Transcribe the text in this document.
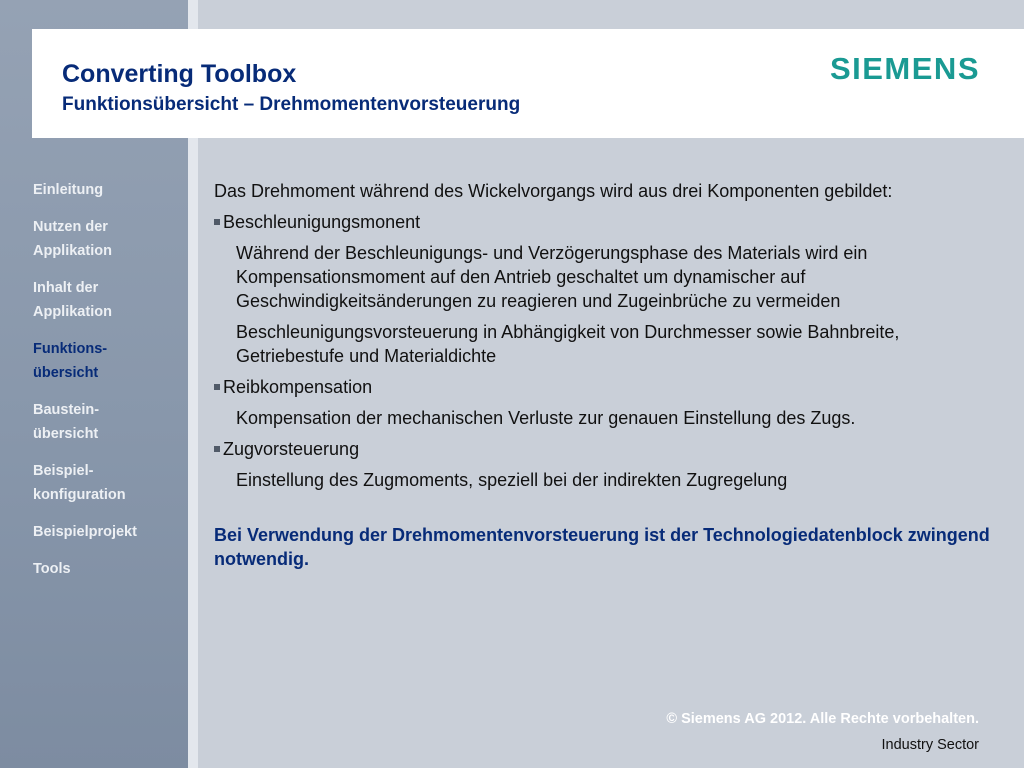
Converting Toolbox
Funktionsübersicht – Drehmomentenvorsteuerung
SIEMENS
Einleitung
Nutzen der
Applikation
Inhalt der
Applikation
Funktions-
übersicht
Baustein-
übersicht
Beispiel-
konfiguration
Beispielprojekt
Tools

Das Drehmoment während des Wickelvorgangs wird aus drei Komponenten gebildet:

Beschleunigungsmonent

Während der Beschleunigungs- und Verzögerungsphase des Materials wird ein Kompensationsmoment auf den Antrieb geschaltet um dynamischer auf Geschwindigkeitsänderungen zu reagieren und Zugeinbrüche zu vermeiden

Beschleunigungsvorsteuerung in Abhängigkeit von Durchmesser sowie Bahnbreite, Getriebestufe und Materialdichte

Reibkompensation

Kompensation der mechanischen Verluste zur genauen Einstellung des Zugs.

Zugvorsteuerung

Einstellung des Zugmoments, speziell bei der indirekten Zugregelung

Bei Verwendung der Drehmomentenvorsteuerung ist der Technologiedatenblock zwingend notwendig.

© Siemens AG 2012. Alle Rechte vorbehalten.
Industry Sector
